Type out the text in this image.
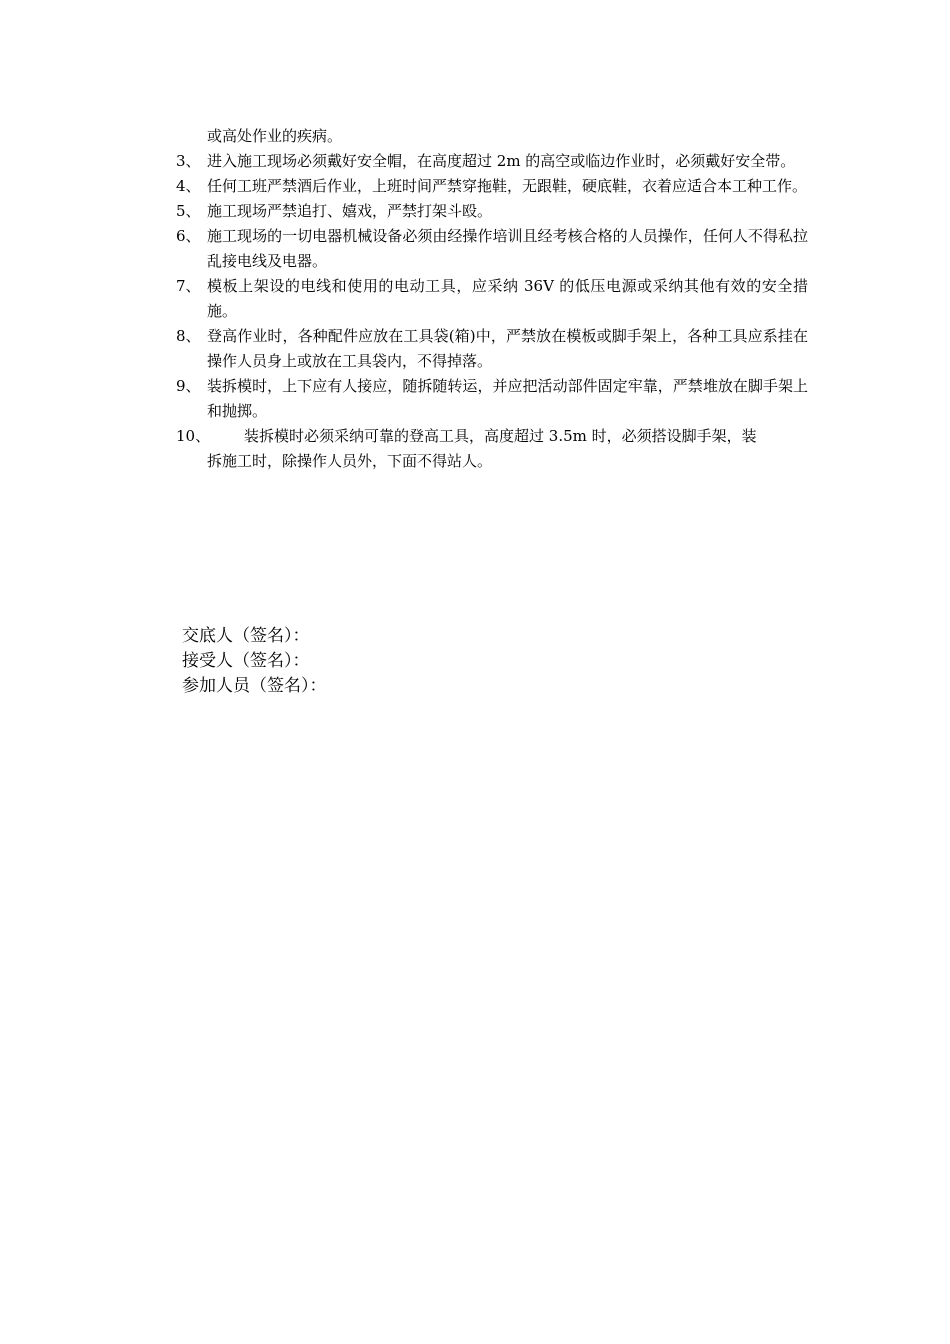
或高处作业的疾病。
3、 进入施工现场必须戴好安全帽，在高度超过 2m 的高空或临边作业时，必须戴好安全带。
4、 任何工班严禁酒后作业，上班时间严禁穿拖鞋，无跟鞋，硬底鞋，衣着应适合本工种工作。
5、 施工现场严禁追打、嬉戏，严禁打架斗殴。
6、 施工现场的一切电器机械设备必须由经操作培训且经考核合格的人员操作，任何人不得私拉乱接电线及电器。
7、 模板上架设的电线和使用的电动工具，应采纳 36V 的低压电源或采纳其他有效的安全措施。
8、 登高作业时，各种配件应放在工具袋(箱)中，严禁放在模板或脚手架上，各种工具应系挂在操作人员身上或放在工具袋内，不得掉落。
9、 装拆模时，上下应有人接应，随拆随转运，并应把活动部件固定牢靠，严禁堆放在脚手架上和抛掷。
10、	装拆模时必须采纳可靠的登高工具，高度超过 3.5m 时，必须搭设脚手架，装
拆施工时，除操作人员外，下面不得站人。
交底人（签名）：
接受人（签名）：
参加人员（签名）：
